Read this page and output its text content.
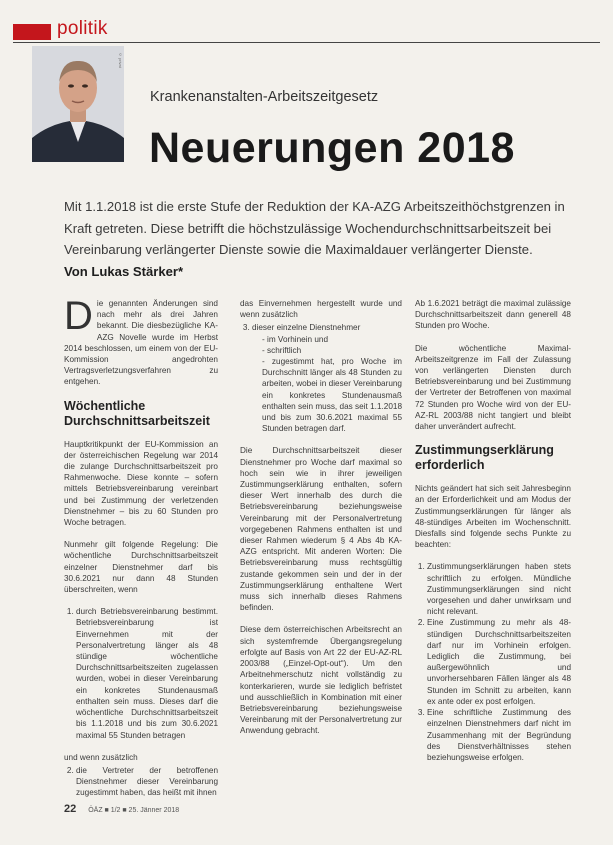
politik
© privat
Krankenanstalten-Arbeitszeitgesetz
Neuerungen 2018

Mit 1.1.2018 ist die erste Stufe der Reduktion der KA-AZG Arbeitszeithöchstgrenzen in Kraft getreten. Diese betrifft die höchstzulässige Wochendurchschnittsarbeitszeit bei Vereinbarung verlängerter Dienste sowie die Maximaldauer verlängerter Dienste.

Von Lukas Stärker*

Die genannten Änderungen sind nach mehr als drei Jahren bekannt. Die diesbezügliche KA-AZG Novelle wurde im Herbst 2014 beschlossen, um einem von der EU-Kommission angedrohten Vertragsverletzungsverfahren zu entgehen.

Wöchentliche Durchschnittsarbeitszeit

Hauptkritikpunkt der EU-Kommission an der österreichischen Regelung war 2014 die zulange Durchschnittsarbeitszeit pro Rahmenwoche. Diese konnte – sofern mittels Betriebsvereinbarung vereinbart und bei Zustimmung der verletzenden Dienstnehmer – bis zu 60 Stunden pro Woche betragen.

Nunmehr gilt folgende Regelung: Die wöchentliche Durchschnittsarbeitszeit einzelner Dienstnehmer darf bis 30.6.2021 nur dann 48 Stunden überschreiten, wenn

1. durch Betriebsvereinbarung bestimmt. Betriebsvereinbarung ist Einvernehmen mit der Personalvertretung länger als 48 stündige wöchentliche Durchschnittsarbeitszeiten zugelassen wurden, wobei in dieser Vereinbarung ein konkretes Stundenausmaß enthalten sein muss. Dieses darf die wöchentliche Durchschnittsarbeitszeit bis 1.1.2018 und bis zum 30.6.2021 maximal 55 Stunden betragen

und wenn zusätzlich

2. die Vertreter der betroffenen Dienstnehmer dieser Vereinbarung zugestimmt haben, das heißt mit ihnen

das Einvernehmen hergestellt wurde und wenn zusätzlich

3. dieser einzelne Dienstnehmer
- im Vorhinein und
- schriftlich
- zugestimmt hat, pro Woche im Durchschnitt länger als 48 Stunden zu arbeiten, wobei in dieser Vereinbarung ein konkretes Stundenausmaß enthalten sein muss, das seit 1.1.2018 und bis zum 30.6.2021 maximal 55 Stunden betragen darf.

Die Durchschnittsarbeitszeit dieser Dienstnehmer pro Woche darf maximal so hoch sein wie in ihrer jeweiligen Zustimmungserklärung enthalten, sofern dieser Wert innerhalb des durch die Betriebsvereinbarung beziehungsweise Vereinbarung mit der Personalvertretung vorgegebenen Rahmens enthalten ist und dieser Rahmen wiederum § 4 Abs 4b KA-AZG entspricht. Mit anderen Worten: Die Betriebsvereinbarung muss rechtsgültig zustande gekommen sein und der in der Zustimmungserklärung enthaltene Wert muss sich innerhalb dieses Rahmens befinden.

Diese dem österreichischen Arbeitsrecht an sich systemfremde Übergangsregelung erfolgte auf Basis von Art 22 der EU-AZ-RL 2003/88 („Einzel-Opt-out“). Um den Arbeitnehmerschutz nicht vollständig zu konterkarieren, wurde sie lediglich befristet und ausschließlich in Kombination mit einer Betriebsvereinbarung beziehungsweise Vereinbarung mit der Personalvertretung zur Anwendung gebracht.

Ab 1.6.2021 beträgt die maximal zulässige Durchschnittsarbeitszeit dann generell 48 Stunden pro Woche.

Die wöchentliche Maximal-Arbeitszeitgrenze im Fall der Zulassung von verlängerten Diensten durch Betriebsvereinbarung und bei Zustimmung der Vertreter der Betroffenen von maximal 72 Stunden pro Woche wird von der EU-AZ-RL 2003/88 nicht tangiert und bleibt daher unverändert aufrecht.

Zustimmungserklärung erforderlich

Nichts geändert hat sich seit Jahresbeginn an der Erforderlichkeit und am Modus der Zustimmungserklärungen für länger als 48-stündiges Arbeiten im Wochenschnitt. Diesfalls sind folgende sechs Punkte zu beachten:

1. Zustimmungserklärungen haben stets schriftlich zu erfolgen. Mündliche Zustimmungserklärungen sind nicht vorgesehen und daher unwirksam und nicht relevant.
2. Eine Zustimmung zu mehr als 48-stündigen Durchschnittsarbeitszeiten darf nur im Vorhinein erfolgen. Lediglich die Zustimmung, bei außergewöhnlich und unvorhersehbaren Fällen länger als 48 Stunden im Schnitt zu arbeiten, kann ex ante oder ex post erfolgen.
3. Eine schriftliche Zustimmung des einzelnen Dienstnehmers darf nicht im Zusammenhang mit der Begründung des Dienstverhältnisses stehen beziehungsweise erfolgen.
22 ÖÄZ ■ 1/2 ■ 25. Jänner 2018
